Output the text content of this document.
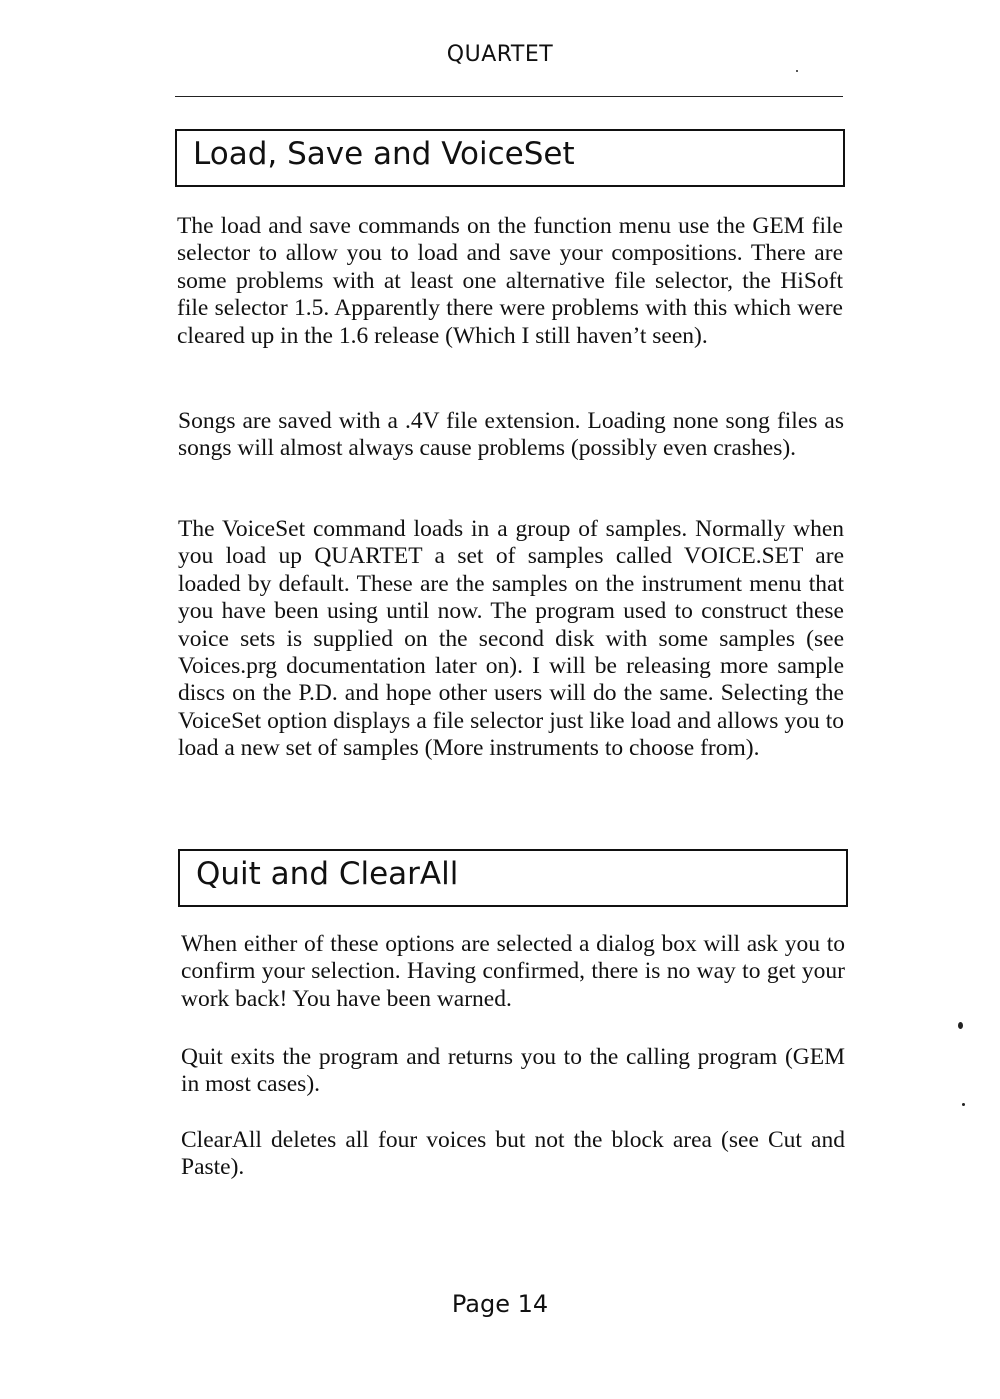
QUARTET
Load, Save and VoiceSet

The load and save commands on the function menu use the GEM file selector to allow you to load and save your compositions. There are some problems with at least one alternative file selector, the HiSoft file selector 1.5. Apparently there were problems with this which were cleared up in the 1.6 release (Which I still haven’t seen).

Songs are saved with a .4V file extension. Loading none song files as songs will almost always cause problems (possibly even crashes).

The VoiceSet command loads in a group of samples. Normally when you load up QUARTET a set of samples called VOICE.SET are loaded by default. These are the samples on the instrument menu that you have been using until now. The program used to construct these voice sets is supplied on the second disk with some samples (see Voices.prg documentation later on). I will be releasing more sample discs on the P.D. and hope other users will do the same. Selecting the VoiceSet option displays a file selector just like load and allows you to load a new set of samples (More instruments to choose from).

Quit and ClearAll

When either of these options are selected a dialog box will ask you to confirm your selection. Having confirmed, there is no way to get your work back! You have been warned.

Quit exits the program and returns you to the calling program (GEM in most cases).

ClearAll deletes all four voices but not the block area (see Cut and Paste).

Page 14
